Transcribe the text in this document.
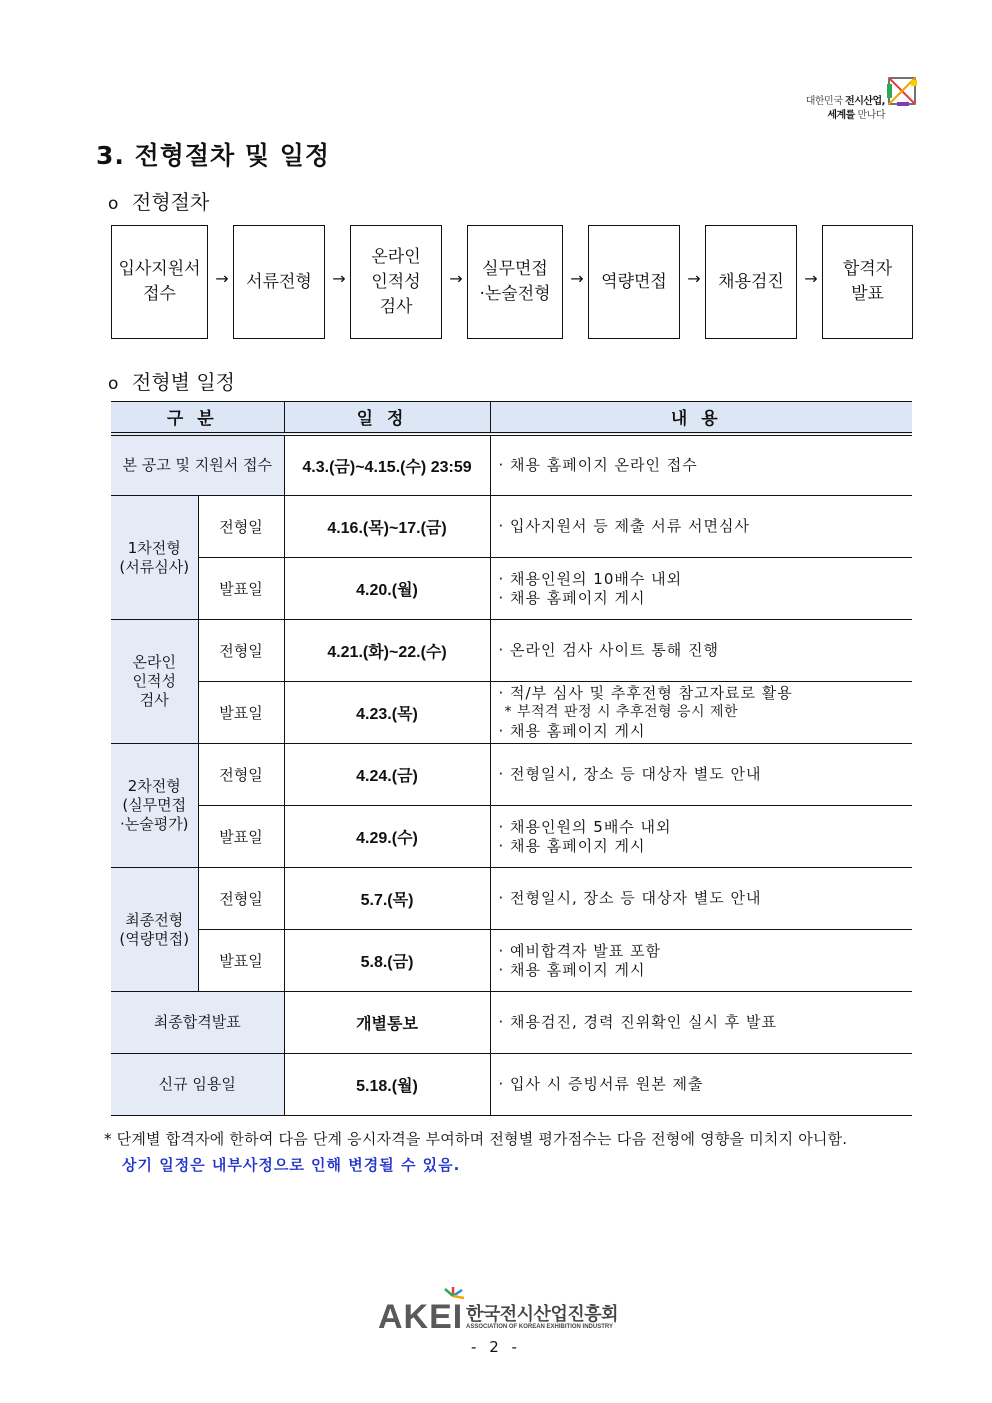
대한민국 전시산업,
세계를 만나다
3. 전형절차 및 일정
o 전형절차
입사지원서
접수
→	서류전형	→
온라인
인적성
검사
→	실무면접
·논술전형
→	역량면접	→	채용검진	→	합격자
발표
o 전형별 일정
구분		일정	내용
본 공고 및 지원서 접수		4.3.(금)~4.15.(수) 23:59	· 채용 홈페이지 온라인 접수

1차전형
(서류심사)	전형일	4.16.(목)~17.(금)	· 입사지원서 등 제출 서류 서면심사

	발표일	4.20.(월)	· 채용인원의 10배수 내외
· 채용 홈페이지 게시

온라인
인적성
검사	전형일	4.21.(화)~22.(수)	· 온라인 검사 사이트 통해 진행

	발표일	4.23.(목)	· 적/부 심사 및 추후전형 참고자료로 활용
* 부적격 판정 시 추후전형 응시 제한
· 채용 홈페이지 게시

2차전형
(실무면접
·논술평가)	전형일	4.24.(금)	· 전형일시, 장소 등 대상자 별도 안내

	발표일	4.29.(수)	· 채용인원의 5배수 내외
· 채용 홈페이지 게시

최종전형
(역량면접)	전형일	5.7.(목)	· 전형일시, 장소 등 대상자 별도 안내

	발표일	5.8.(금)	· 예비합격자 발표 포함
· 채용 홈페이지 게시

최종합격발표		개별통보	· 채용검진, 경력 진위확인 실시 후 발표

신규 임용일		5.18.(월)	· 입사 시 증빙서류 원본 제출
* 단계별 합격자에 한하여 다음 단계 응시자격을 부여하며 전형별 평가점수는 다음 전형에 영향을 미치지 아니함.
상기 일정은 내부사정으로 인해 변경될 수 있음.
AKEI 한국전시산업진흥회
ASSOCIATION OF KOREAN EXHIBITION INDUSTRY
- 2 -
